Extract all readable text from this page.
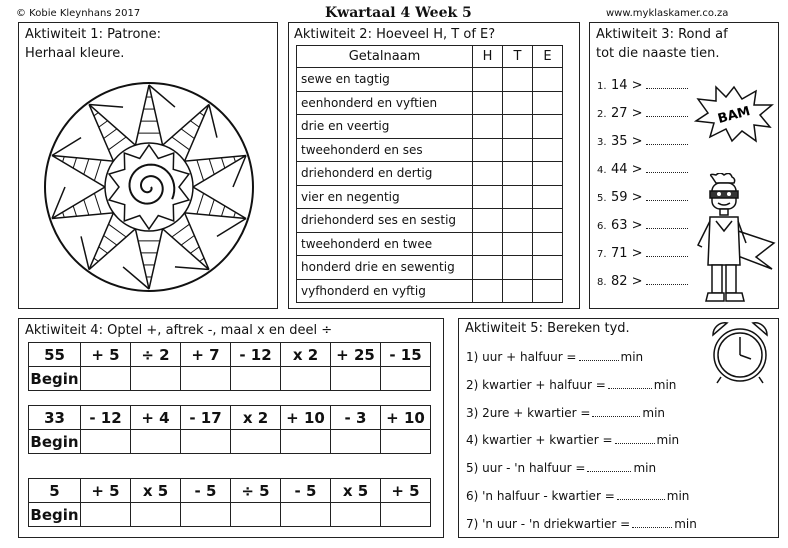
© Kobie Kleynhans 2017	Kwartaal 4 Week 5	www.myklaskamer.co.za
Aktiwiteit 1: Patrone:
Herhaal kleure.
Aktiwiteit 2: Hoeveel H, T of E?
Getalnaam	H	T	E
sewe en tagtig			
eenhonderd en vyftien			
drie en veertig			
tweehonderd en ses			
driehonderd en dertig			
vier en negentig			
driehonderd ses en sestig			
tweehonderd en twee			
honderd drie en sewentig			
vyfhonderd en vyftig			
Aktiwiteit 3: Rond af
tot die naaste tien.
BAM
1. 14 >
2. 27 >
3. 35 >
4. 44 >
5. 59 >
6. 63 >
7. 71 >
8. 82 >
Aktiwiteit 4: Optel +, aftrek -, maal x en deel ÷
55	+ 5	÷ 2	+ 7	- 12	x 2	+ 25	- 15
Begin							
33	- 12	+ 4	- 17	x 2	+ 10	- 3	+ 10
Begin							
5	+ 5	x 5	- 5	÷ 5	- 5	x 5	+ 5
Begin							
Aktiwiteit 5: Bereken tyd.
1) uur + halfuur =	min
2) kwartier + halfuur =	min
3) 2ure + kwartier =	min
4) kwartier + kwartier =	min
5) uur - 'n halfuur =	min
6) 'n halfuur - kwartier =	min
7) 'n uur - 'n driekwartier =	min
